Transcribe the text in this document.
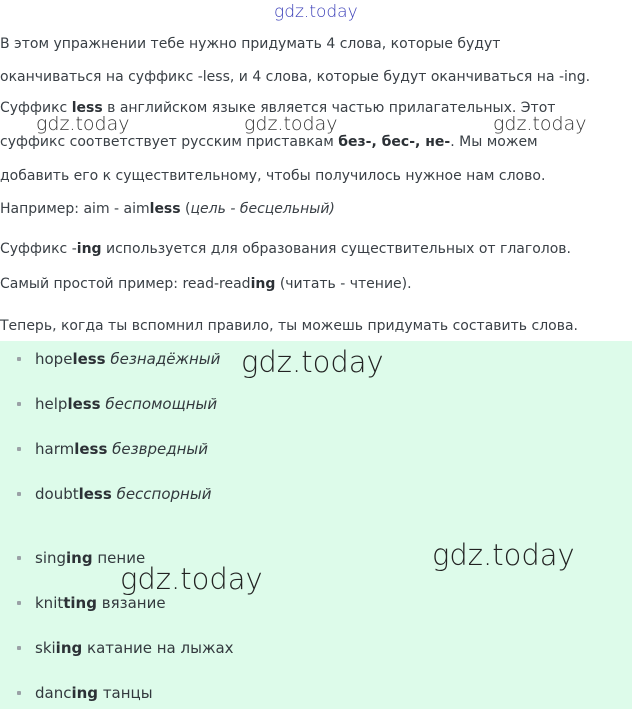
gdz.today
В этом упражнении тебе нужно придумать 4 слова, которые будут
оканчиваться на суффикс -less, и 4 слова, которые будут оканчиваться на -ing.
Суффикс less в английском языке является частью прилагательных. Этот
суффикс соответствует русским приставкам без-, бес-, не-. Мы можем
добавить его к существительному, чтобы получилось нужное нам слово.
Например: aim - aimless (цель - бесцельный)
Суффикс -ing используется для образования существительных от глаголов.
Самый простой пример: read-reading (читать - чтение).
Теперь, когда ты вспомнил правило, ты можешь придумать составить слова.
hopeless безнадёжный
helpless беспомощный
harmless безвредный
doubtless бесспорный
singing пение
knitting вязание
skiing катание на лыжах
dancing танцы
gdz.today	gdz.today	gdz.today
gdz.today
gdz.today
gdz.today
